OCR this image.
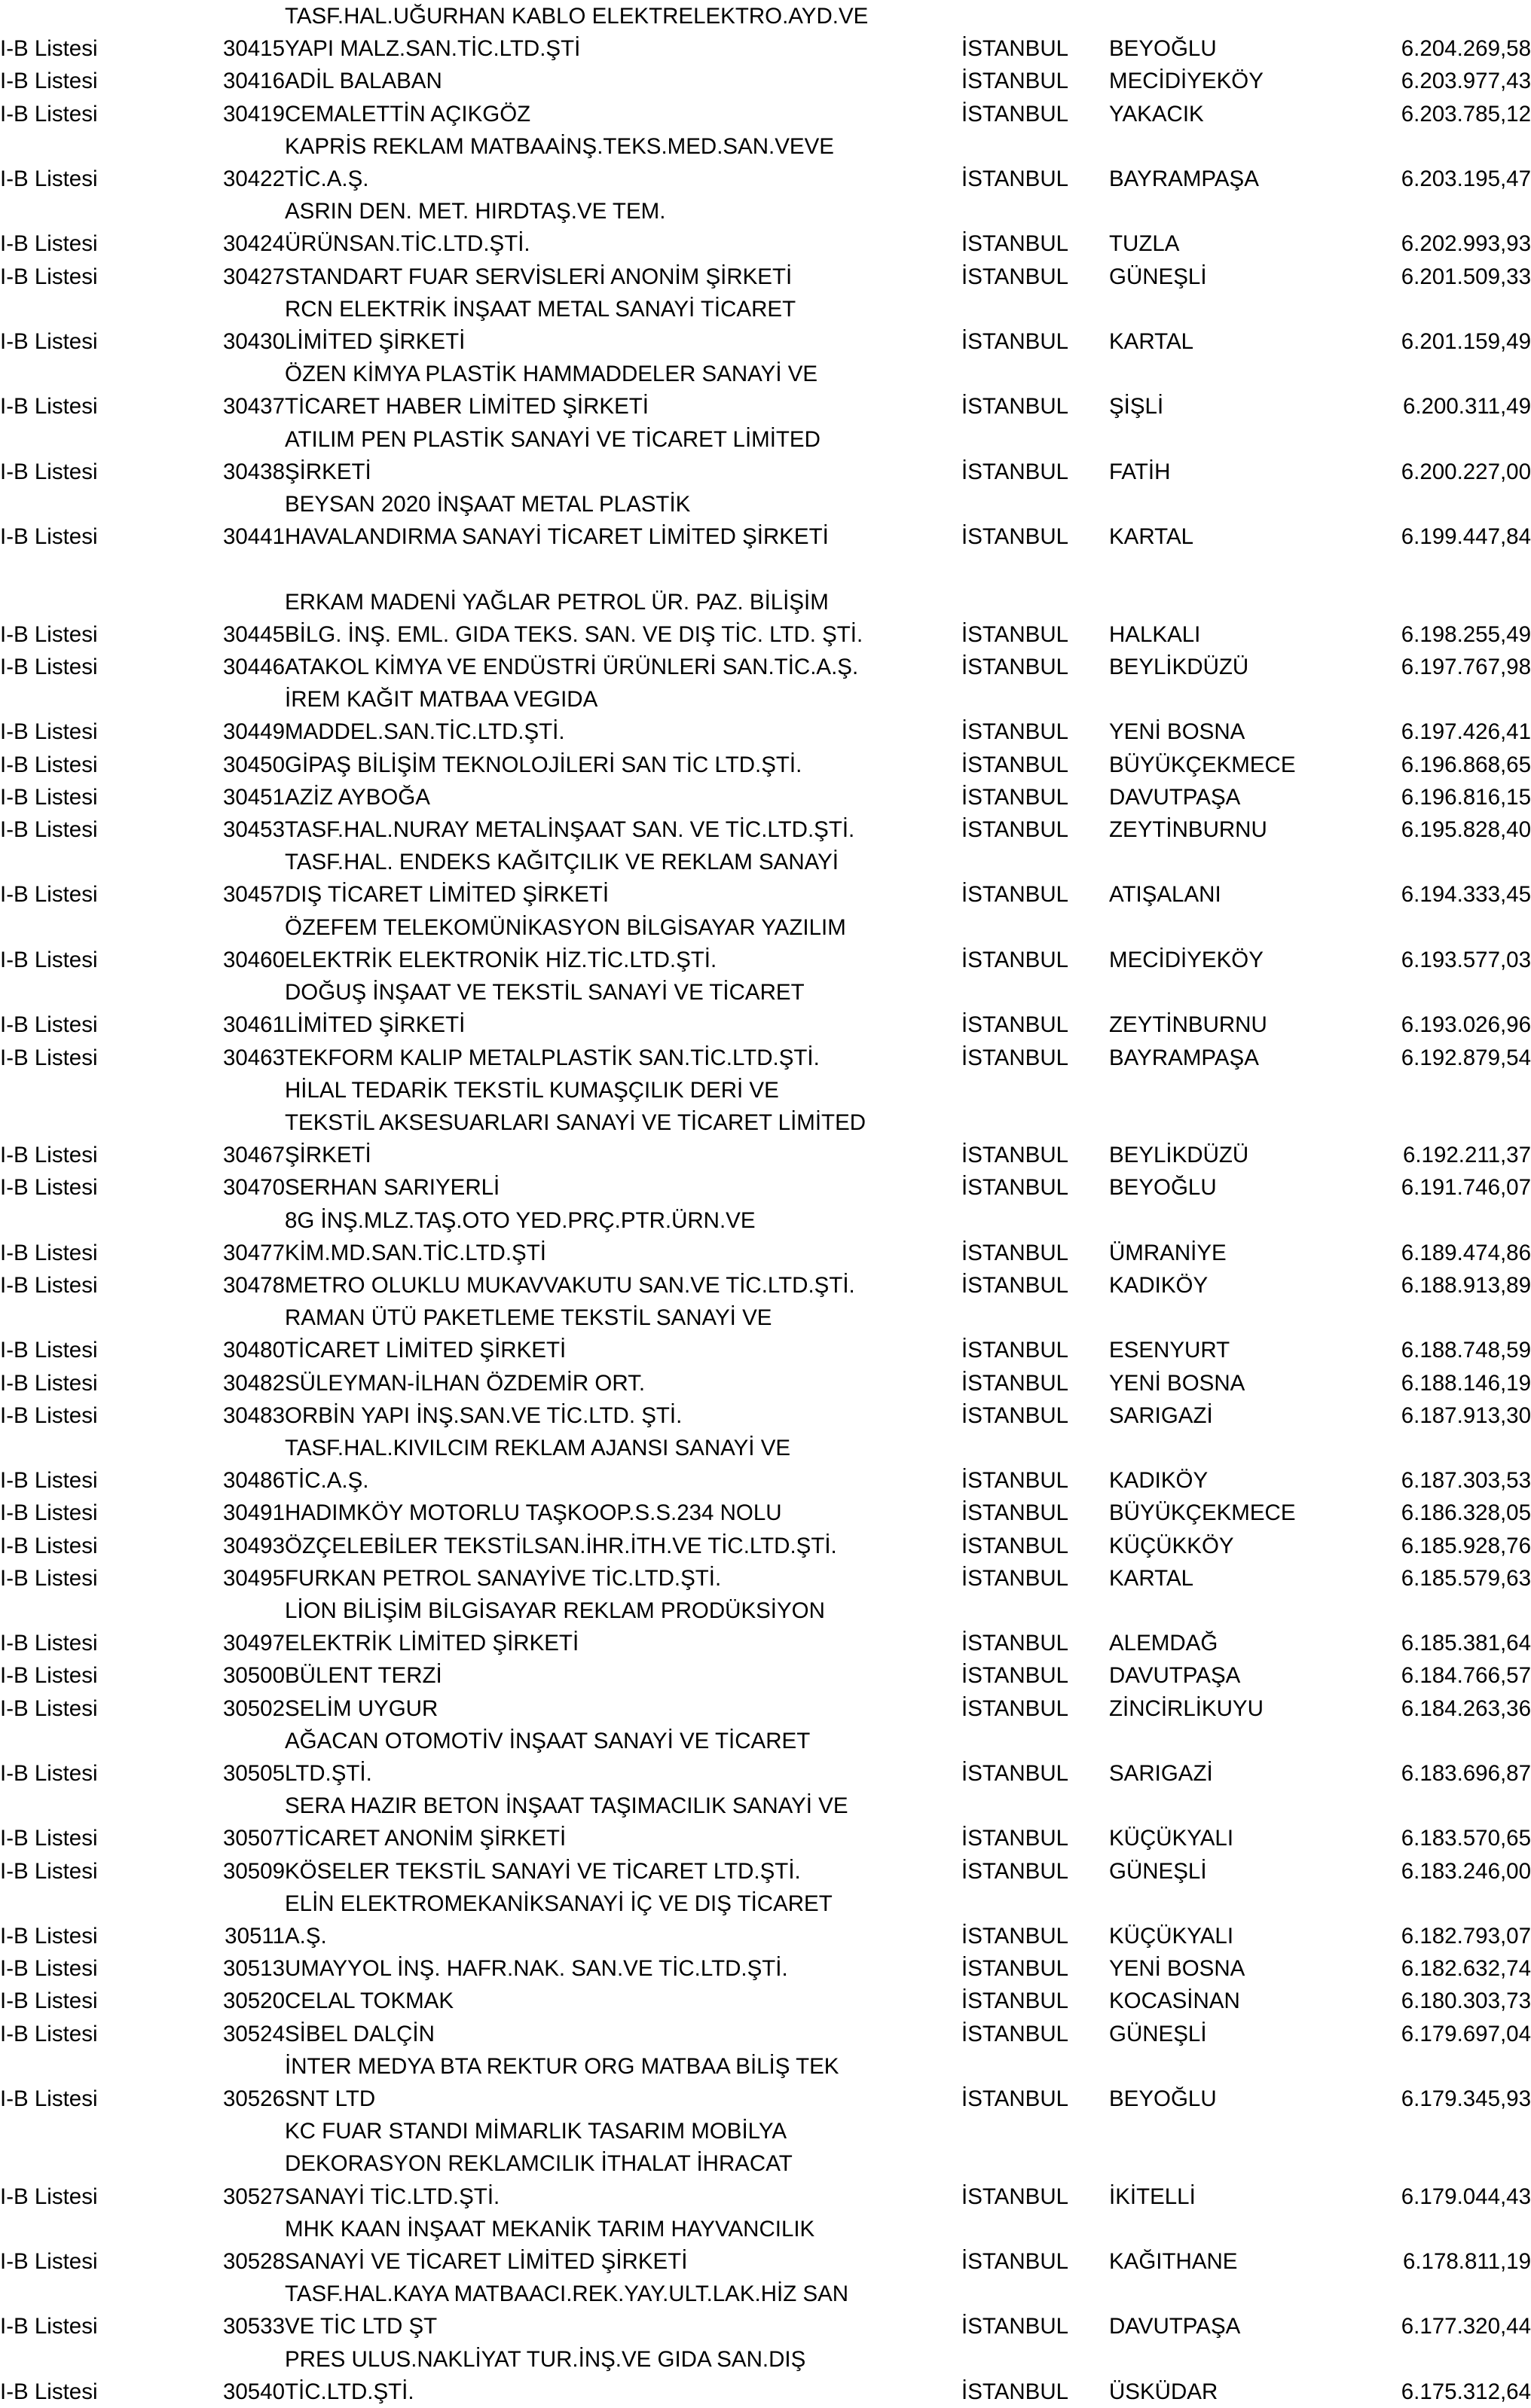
		TASF.HAL.UĞURHAN KABLO ELEKTRELEKTRO.AYD.VE			
I-B Listesi	30415	YAPI MALZ.SAN.TİC.LTD.ŞTİ	İSTANBUL	BEYOĞLU	6.204.269,58
I-B Listesi	30416	ADİL BALABAN	İSTANBUL	MECİDİYEKÖY	6.203.977,43
I-B Listesi	30419	CEMALETTİN AÇIKGÖZ	İSTANBUL	YAKACIK	6.203.785,12
		KAPRİS REKLAM MATBAAİNŞ.TEKS.MED.SAN.VEVE			
I-B Listesi	30422	TİC.A.Ş.	İSTANBUL	BAYRAMPAŞA	6.203.195,47
		ASRIN DEN. MET. HIRDTAŞ.VE TEM.			
I-B Listesi	30424	ÜRÜNSAN.TİC.LTD.ŞTİ.	İSTANBUL	TUZLA	6.202.993,93
I-B Listesi	30427	STANDART FUAR SERVİSLERİ ANONİM ŞİRKETİ	İSTANBUL	GÜNEŞLİ	6.201.509,33
		RCN ELEKTRİK İNŞAAT METAL SANAYİ TİCARET			
I-B Listesi	30430	LİMİTED ŞİRKETİ	İSTANBUL	KARTAL	6.201.159,49
		ÖZEN KİMYA PLASTİK HAMMADDELER SANAYİ VE			
I-B Listesi	30437	TİCARET HABER LİMİTED ŞİRKETİ	İSTANBUL	ŞİŞLİ	6.200.311,49
		ATILIM PEN PLASTİK SANAYİ VE TİCARET LİMİTED			
I-B Listesi	30438	ŞİRKETİ	İSTANBUL	FATİH	6.200.227,00
		BEYSAN 2020 İNŞAAT METAL PLASTİK			
I-B Listesi	30441	HAVALANDIRMA SANAYİ TİCARET LİMİTED ŞİRKETİ	İSTANBUL	KARTAL	6.199.447,84

		ERKAM MADENİ YAĞLAR PETROL ÜR. PAZ. BİLİŞİM			
I-B Listesi	30445	BİLG. İNŞ. EML. GIDA TEKS. SAN. VE DIŞ TİC. LTD. ŞTİ.	İSTANBUL	HALKALI	6.198.255,49
I-B Listesi	30446	ATAKOL KİMYA VE ENDÜSTRİ ÜRÜNLERİ SAN.TİC.A.Ş.	İSTANBUL	BEYLİKDÜZÜ	6.197.767,98
		İREM KAĞIT MATBAA VEGIDA			
I-B Listesi	30449	MADDEL.SAN.TİC.LTD.ŞTİ.	İSTANBUL	YENİ BOSNA	6.197.426,41
I-B Listesi	30450	GİPAŞ BİLİŞİM TEKNOLOJİLERİ SAN TİC LTD.ŞTİ.	İSTANBUL	BÜYÜKÇEKMECE	6.196.868,65
I-B Listesi	30451	AZİZ AYBOĞA	İSTANBUL	DAVUTPAŞA	6.196.816,15
I-B Listesi	30453	TASF.HAL.NURAY METALİNŞAAT SAN. VE TİC.LTD.ŞTİ.	İSTANBUL	ZEYTİNBURNU	6.195.828,40
		TASF.HAL. ENDEKS KAĞITÇILIK VE REKLAM SANAYİ			
I-B Listesi	30457	DIŞ TİCARET LİMİTED ŞİRKETİ	İSTANBUL	ATIŞALANI	6.194.333,45
		ÖZEFEM TELEKOMÜNİKASYON BİLGİSAYAR YAZILIM			
I-B Listesi	30460	ELEKTRİK ELEKTRONİK HİZ.TİC.LTD.ŞTİ.	İSTANBUL	MECİDİYEKÖY	6.193.577,03
		DOĞUŞ İNŞAAT VE TEKSTİL SANAYİ VE TİCARET			
I-B Listesi	30461	LİMİTED ŞİRKETİ	İSTANBUL	ZEYTİNBURNU	6.193.026,96
I-B Listesi	30463	TEKFORM KALIP METALPLASTİK SAN.TİC.LTD.ŞTİ.	İSTANBUL	BAYRAMPAŞA	6.192.879,54
		HİLAL TEDARİK TEKSTİL KUMAŞÇILIK DERİ VE			
		TEKSTİL AKSESUARLARI SANAYİ VE TİCARET LİMİTED			
I-B Listesi	30467	ŞİRKETİ	İSTANBUL	BEYLİKDÜZÜ	6.192.211,37
I-B Listesi	30470	SERHAN SARIYERLİ	İSTANBUL	BEYOĞLU	6.191.746,07
		8G İNŞ.MLZ.TAŞ.OTO YED.PRÇ.PTR.ÜRN.VE			
I-B Listesi	30477	KİM.MD.SAN.TİC.LTD.ŞTİ	İSTANBUL	ÜMRANİYE	6.189.474,86
I-B Listesi	30478	METRO OLUKLU MUKAVVAKUTU SAN.VE TİC.LTD.ŞTİ.	İSTANBUL	KADIKÖY	6.188.913,89
		RAMAN ÜTÜ PAKETLEME TEKSTİL SANAYİ VE			
I-B Listesi	30480	TİCARET LİMİTED ŞİRKETİ	İSTANBUL	ESENYURT	6.188.748,59
I-B Listesi	30482	SÜLEYMAN-İLHAN ÖZDEMİR ORT.	İSTANBUL	YENİ BOSNA	6.188.146,19
I-B Listesi	30483	ORBİN YAPI İNŞ.SAN.VE TİC.LTD. ŞTİ.	İSTANBUL	SARIGAZİ	6.187.913,30
		TASF.HAL.KIVILCIM REKLAM AJANSI SANAYİ VE			
I-B Listesi	30486	TİC.A.Ş.	İSTANBUL	KADIKÖY	6.187.303,53
I-B Listesi	30491	HADIMKÖY MOTORLU TAŞKOOP.S.S.234 NOLU	İSTANBUL	BÜYÜKÇEKMECE	6.186.328,05
I-B Listesi	30493	ÖZÇELEBİLER TEKSTİLSAN.İHR.İTH.VE TİC.LTD.ŞTİ.	İSTANBUL	KÜÇÜKKÖY	6.185.928,76
I-B Listesi	30495	FURKAN PETROL SANAYİVE TİC.LTD.ŞTİ.	İSTANBUL	KARTAL	6.185.579,63
		LİON BİLİŞİM BİLGİSAYAR REKLAM PRODÜKSİYON			
I-B Listesi	30497	ELEKTRİK LİMİTED ŞİRKETİ	İSTANBUL	ALEMDAĞ	6.185.381,64
I-B Listesi	30500	BÜLENT TERZİ	İSTANBUL	DAVUTPAŞA	6.184.766,57
I-B Listesi	30502	SELİM UYGUR	İSTANBUL	ZİNCİRLİKUYU	6.184.263,36
		AĞACAN OTOMOTİV İNŞAAT SANAYİ VE TİCARET			
I-B Listesi	30505	LTD.ŞTİ.	İSTANBUL	SARIGAZİ	6.183.696,87
		SERA HAZIR BETON İNŞAAT TAŞIMACILIK SANAYİ VE			
I-B Listesi	30507	TİCARET ANONİM ŞİRKETİ	İSTANBUL	KÜÇÜKYALI	6.183.570,65
I-B Listesi	30509	KÖSELER TEKSTİL SANAYİ VE TİCARET LTD.ŞTİ.	İSTANBUL	GÜNEŞLİ	6.183.246,00
		ELİN ELEKTROMEKANİKSANAYİ İÇ VE DIŞ TİCARET			
I-B Listesi	30511	A.Ş.	İSTANBUL	KÜÇÜKYALI	6.182.793,07
I-B Listesi	30513	UMAYYOL İNŞ. HAFR.NAK. SAN.VE TİC.LTD.ŞTİ.	İSTANBUL	YENİ BOSNA	6.182.632,74
I-B Listesi	30520	CELAL TOKMAK	İSTANBUL	KOCASİNAN	6.180.303,73
I-B Listesi	30524	SİBEL DALÇİN	İSTANBUL	GÜNEŞLİ	6.179.697,04
		İNTER MEDYA BTA REKTUR ORG MATBAA BİLİŞ TEK			
I-B Listesi	30526	SNT LTD	İSTANBUL	BEYOĞLU	6.179.345,93
		KC FUAR STANDI MİMARLIK TASARIM MOBİLYA			
		DEKORASYON REKLAMCILIK İTHALAT İHRACAT			
I-B Listesi	30527	SANAYİ TİC.LTD.ŞTİ.	İSTANBUL	İKİTELLİ	6.179.044,43
		MHK KAAN İNŞAAT MEKANİK TARIM HAYVANCILIK			
I-B Listesi	30528	SANAYİ VE TİCARET LİMİTED ŞİRKETİ	İSTANBUL	KAĞITHANE	6.178.811,19
		TASF.HAL.KAYA MATBAACI.REK.YAY.ULT.LAK.HİZ SAN			
I-B Listesi	30533	VE TİC LTD ŞT	İSTANBUL	DAVUTPAŞA	6.177.320,44
		PRES ULUS.NAKLİYAT TUR.İNŞ.VE GIDA SAN.DIŞ			
I-B Listesi	30540	TİC.LTD.ŞTİ.	İSTANBUL	ÜSKÜDAR	6.175.312,64
